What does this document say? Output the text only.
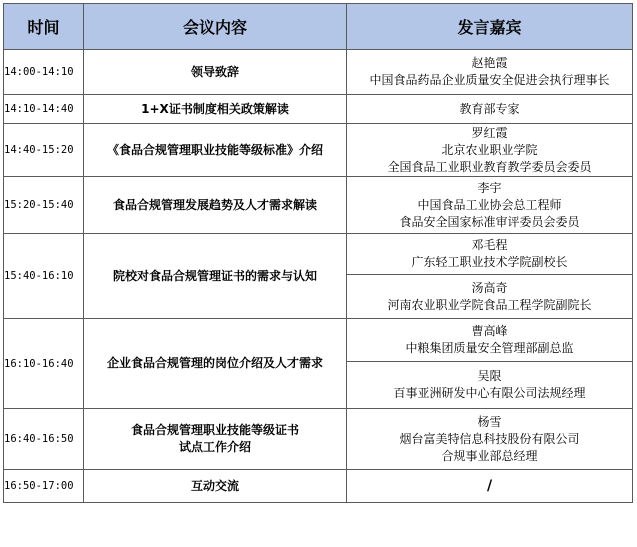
时间	会议内容	发言嘉宾
14:00-14:10	领导致辞	赵艳霞
中国食品药品企业质量安全促进会执行理事长

14:10-14:40	1+X证书制度相关政策解读	教育部专家

14:40-15:20	《食品合规管理职业技能等级标准》介绍	罗红霞
北京农业职业学院
全国食品工业职业教育教学委员会委员

15:20-15:40	食品合规管理发展趋势及人才需求解读	李宇
中国食品工业协会总工程师
食品安全国家标准审评委员会委员

15:40-16:10	院校对食品合规管理证书的需求与认知	邓毛程
广东轻工职业技术学院副校长
汤高奇
河南农业职业学院食品工程学院副院长

16:10-16:40	企业食品合规管理的岗位介绍及人才需求	曹高峰
中粮集团质量安全管理部副总监
吴限
百事亚洲研发中心有限公司法规经理

16:40-16:50	食品合规管理职业技能等级证书
试点工作介绍	杨雪
烟台富美特信息科技股份有限公司
合规事业部总经理

16:50-17:00	互动交流	/
